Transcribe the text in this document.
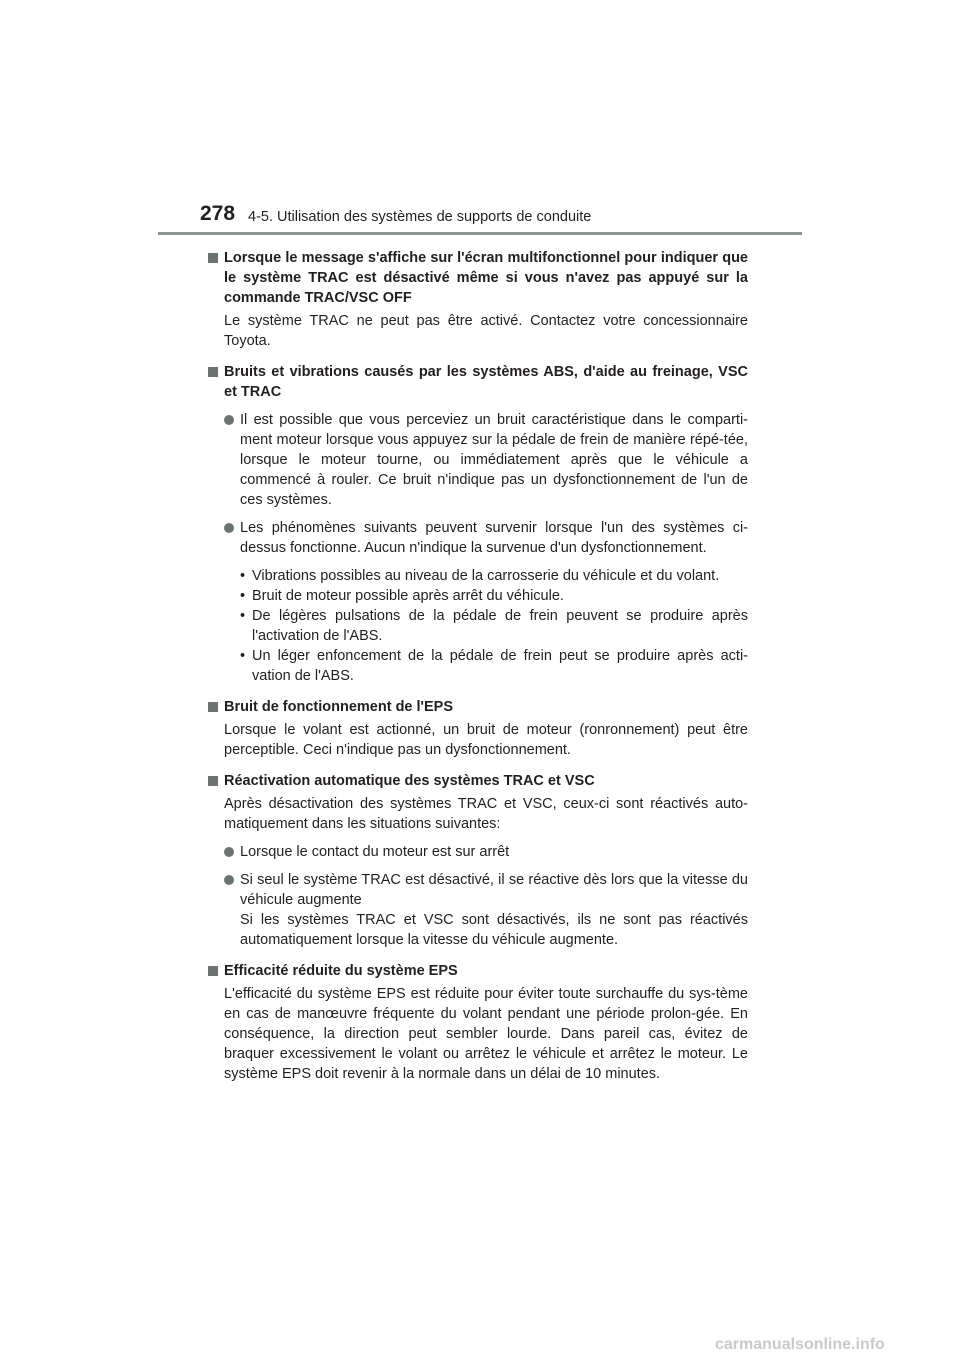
278 4-5. Utilisation des systèmes de supports de conduite
Lorsque le message s'affiche sur l'écran multifonctionnel pour indiquer que le système TRAC est désactivé même si vous n'avez pas appuyé sur la commande TRAC/VSC OFF
Le système TRAC ne peut pas être activé. Contactez votre concessionnaire Toyota.
Bruits et vibrations causés par les systèmes ABS, d'aide au freinage, VSC et TRAC
Il est possible que vous perceviez un bruit caractéristique dans le comparti-ment moteur lorsque vous appuyez sur la pédale de frein de manière répé-tée, lorsque le moteur tourne, ou immédiatement après que le véhicule a commencé à rouler. Ce bruit n'indique pas un dysfonctionnement de l'un de ces systèmes.
Les phénomènes suivants peuvent survenir lorsque l'un des systèmes ci-dessus fonctionne. Aucun n'indique la survenue d'un dysfonctionnement.
• Vibrations possibles au niveau de la carrosserie du véhicule et du volant.
• Bruit de moteur possible après arrêt du véhicule.
• De légères pulsations de la pédale de frein peuvent se produire après l'activation de l'ABS.
• Un léger enfoncement de la pédale de frein peut se produire après acti-vation de l'ABS.
Bruit de fonctionnement de l'EPS
Lorsque le volant est actionné, un bruit de moteur (ronronnement) peut être perceptible. Ceci n'indique pas un dysfonctionnement.
Réactivation automatique des systèmes TRAC et VSC
Après désactivation des systèmes TRAC et VSC, ceux-ci sont réactivés auto-matiquement dans les situations suivantes:
Lorsque le contact du moteur est sur arrêt
Si seul le système TRAC est désactivé, il se réactive dès lors que la vitesse du véhicule augmente
Si les systèmes TRAC et VSC sont désactivés, ils ne sont pas réactivés automatiquement lorsque la vitesse du véhicule augmente.
Efficacité réduite du système EPS
L'efficacité du système EPS est réduite pour éviter toute surchauffe du sys-tème en cas de manœuvre fréquente du volant pendant une période prolon-gée. En conséquence, la direction peut sembler lourde. Dans pareil cas, évitez de braquer excessivement le volant ou arrêtez le véhicule et arrêtez le moteur. Le système EPS doit revenir à la normale dans un délai de 10 minutes.
carmanualsonline.info
